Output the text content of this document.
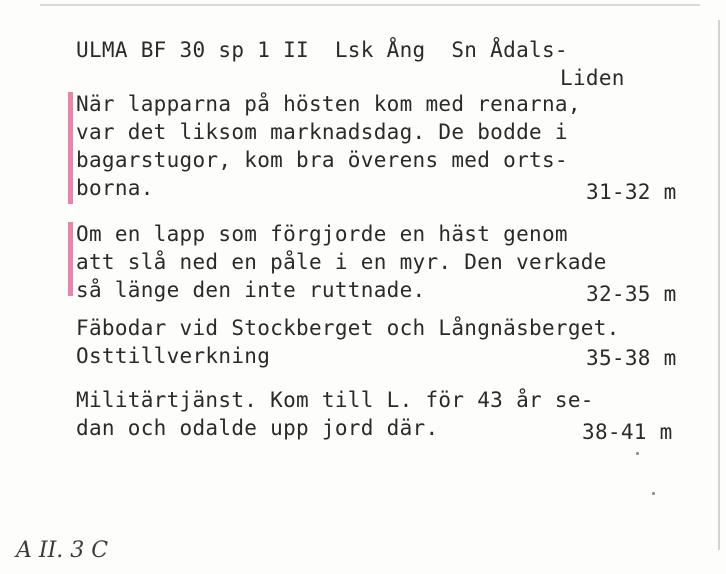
ULMA BF 30 sp 1 II  Lsk Ång  Sn Ådals-
Liden
När lapparna på hösten kom med renarna,
var det liksom marknadsdag. De bodde i
bagarstugor, kom bra överens med orts-
borna.	31-32 m
Om en lapp som förgjorde en häst genom
att slå ned en påle i en myr. Den verkade
så länge den inte ruttnade.	32-35 m
Fäbodar vid Stockberget och Långnäsberget.
Osttillverkning	35-38 m
Militärtjänst. Kom till L. för 43 år se-
dan och odalde upp jord där.	38-41 m
A II. 3 C
